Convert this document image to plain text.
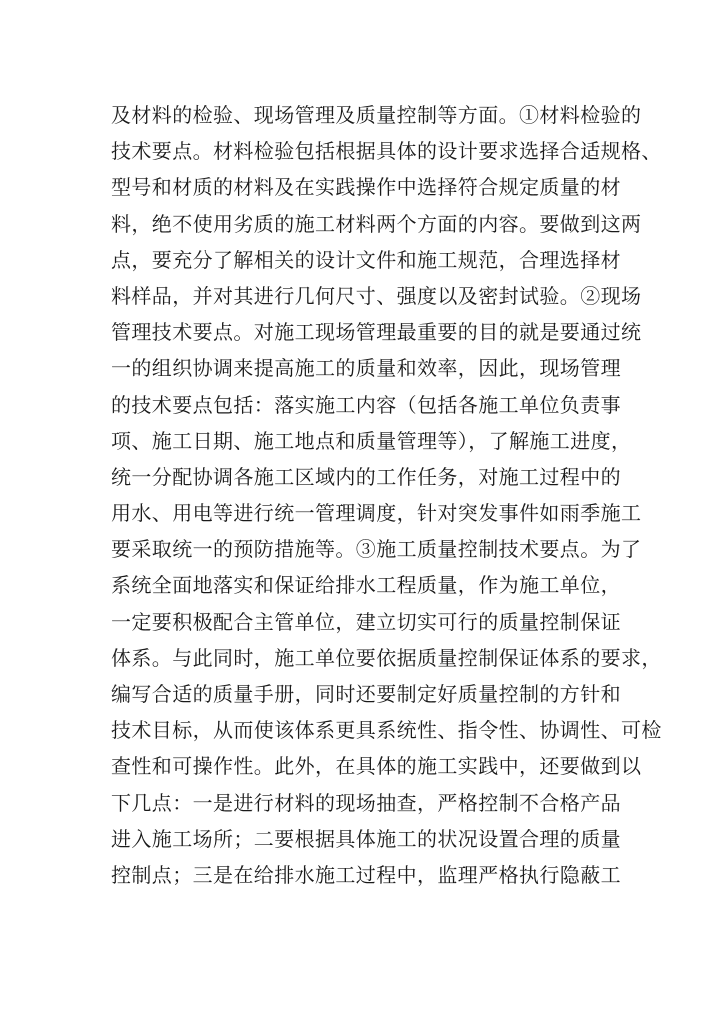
及材料的检验、现场管理及质量控制等方面。①材料检验的
技术要点。材料检验包括根据具体的设计要求选择合适规格、
型号和材质的材料及在实践操作中选择符合规定质量的材
料，绝不使用劣质的施工材料两个方面的内容。要做到这两
点，要充分了解相关的设计文件和施工规范，合理选择材
料样品，并对其进行几何尺寸、强度以及密封试验。②现场
管理技术要点。对施工现场管理最重要的目的就是要通过统
一的组织协调来提高施工的质量和效率，因此，现场管理
的技术要点包括：落实施工内容（包括各施工单位负责事
项、施工日期、施工地点和质量管理等），了解施工进度，
统一分配协调各施工区域内的工作任务，对施工过程中的
用水、用电等进行统一管理调度，针对突发事件如雨季施工
要采取统一的预防措施等。③施工质量控制技术要点。为了
系统全面地落实和保证给排水工程质量，作为施工单位，
一定要积极配合主管单位，建立切实可行的质量控制保证
体系。与此同时，施工单位要依据质量控制保证体系的要求，
编写合适的质量手册，同时还要制定好质量控制的方针和
技术目标，从而使该体系更具系统性、指令性、协调性、可检
查性和可操作性。此外，在具体的施工实践中，还要做到以
下几点：一是进行材料的现场抽查，严格控制不合格产品
进入施工场所；二要根据具体施工的状况设置合理的质量
控制点；三是在给排水施工过程中，监理严格执行隐蔽工
